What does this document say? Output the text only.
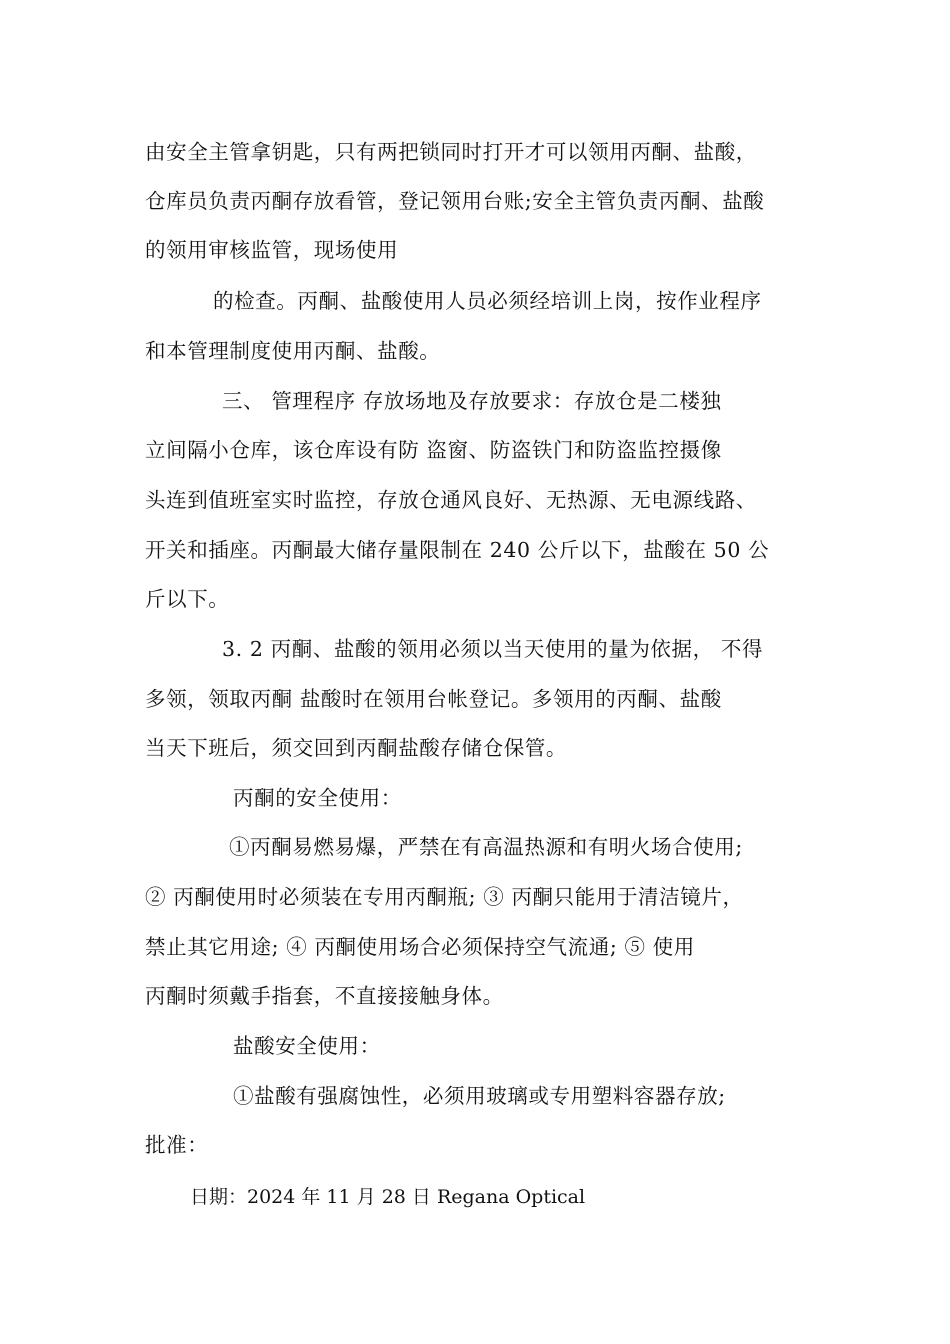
由安全主管拿钥匙，只有两把锁同时打开才可以领用丙酮、盐酸，
仓库员负责丙酮存放看管，登记领用台账;安全主管负责丙酮、盐酸
的领用审核监管，现场使用
的检查。丙酮、盐酸使用人员必须经培训上岗，按作业程序
和本管理制度使用丙酮、盐酸。
三、 管理程序 存放场地及存放要求：存放仓是二楼独
立间隔小仓库，该仓库设有防 盗窗、防盗铁门和防盗监控摄像
头连到值班室实时监控，存放仓通风良好、无热源、无电源线路、
开关和插座。丙酮最大储存量限制在 240 公斤以下，盐酸在 50 公
斤以下。
3. 2 丙酮、盐酸的领用必须以当天使用的量为依据， 不得
多领，领取丙酮 盐酸时在领用台帐登记。多领用的丙酮、盐酸
当天下班后，须交回到丙酮盐酸存储仓保管。
丙酮的安全使用：
①丙酮易燃易爆，严禁在有高温热源和有明火场合使用;
② 丙酮使用时必须装在专用丙酮瓶; ③ 丙酮只能用于清洁镜片，
禁止其它用途; ④ 丙酮使用场合必须保持空气流通; ⑤ 使用
丙酮时须戴手指套，不直接接触身体。
盐酸安全使用：
①盐酸有强腐蚀性，必须用玻璃或专用塑料容器存放;
批准：
日期：2024 年 11 月 28 日 Regana Optical
